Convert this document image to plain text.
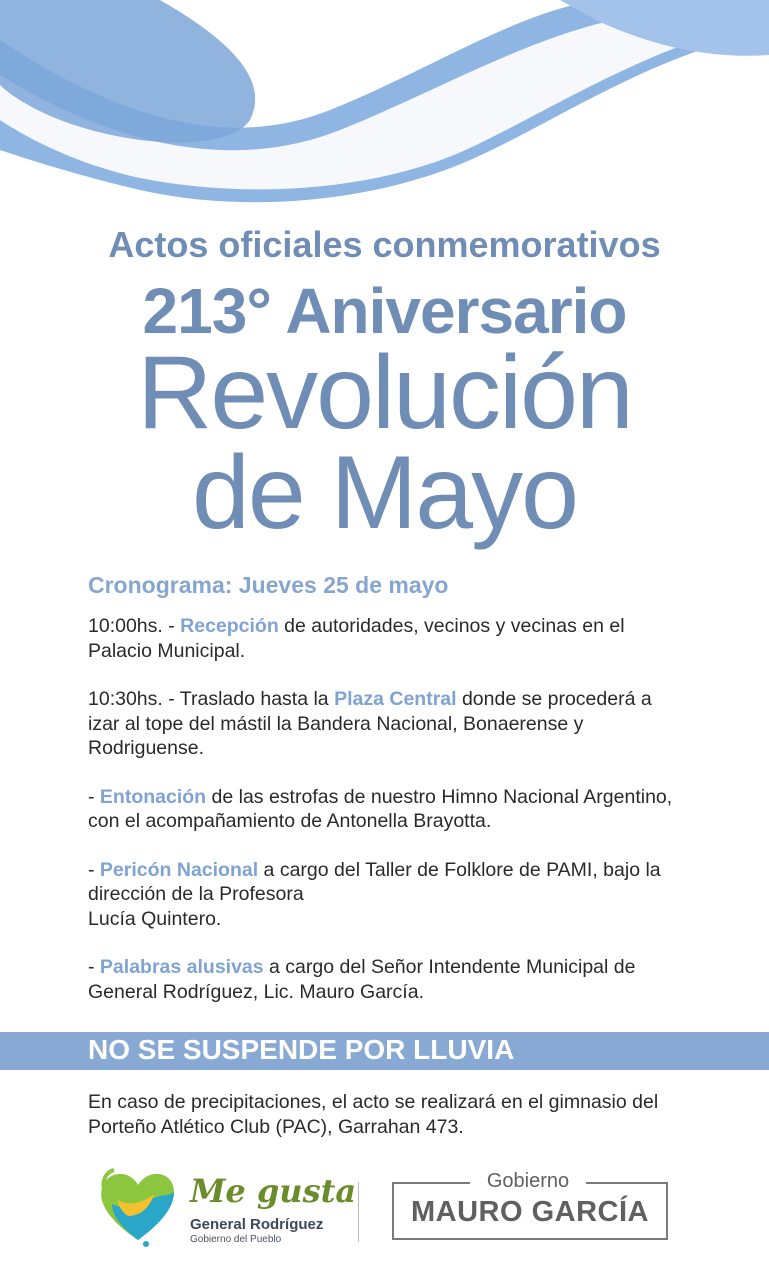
Actos oficiales conmemorativos
213° Aniversario
Revolución
de Mayo
Cronograma: Jueves 25 de mayo

10:00hs. - Recepción de autoridades, vecinos y vecinas en el Palacio Municipal.

10:30hs. - Traslado hasta la Plaza Central donde se procederá a izar al tope del mástil la Bandera Nacional, Bonaerense y Rodriguense.

- Entonación de las estrofas de nuestro Himno Nacional Argentino, con el acompañamiento de Antonella Brayotta.

- Pericón Nacional a cargo del Taller de Folklore de PAMI, bajo la dirección de la Profesora
Lucía Quintero.

- Palabras alusivas a cargo del Señor Intendente Municipal de General Rodríguez, Lic. Mauro García.

NO SE SUSPENDE POR LLUVIA
En caso de precipitaciones, el acto se realizará en el gimnasio del Porteño Atlético Club (PAC), Garrahan 473.
Me gusta
General Rodríguez
Gobierno del Pueblo
Gobierno
MAURO GARCÍA
